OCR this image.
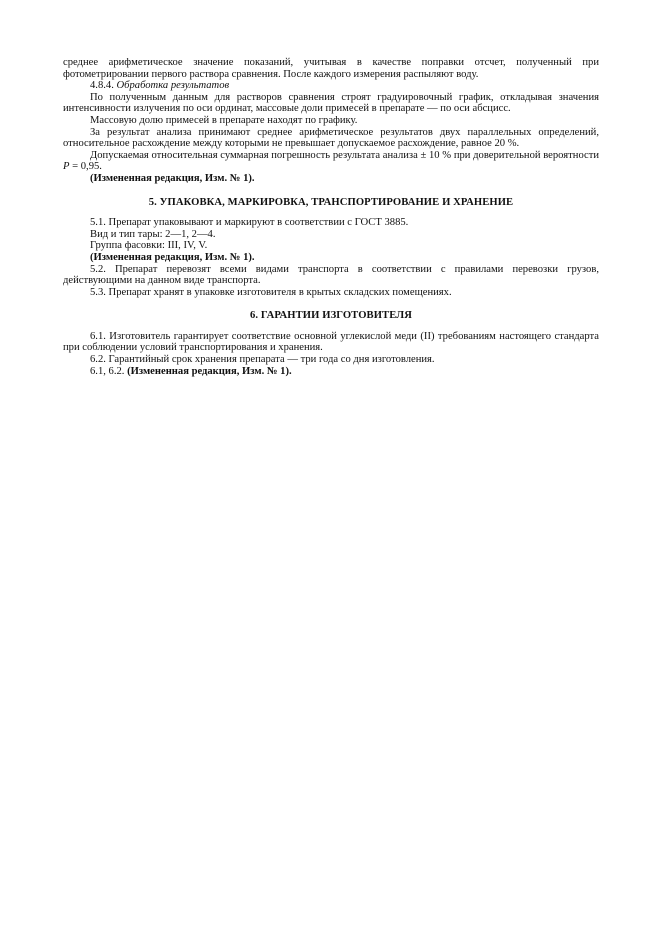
среднее арифметическое значение показаний, учитывая в качестве поправки отсчет, полученный при фотометрировании первого раствора сравнения. После каждого измерения распыляют воду.

4.8.4. Обработка результатов

По полученным данным для растворов сравнения строят градуировочный график, откладывая значения интенсивности излучения по оси ординат, массовые доли примесей в препарате — по оси абсцисс.

Массовую долю примесей в препарате находят по графику.

За результат анализа принимают среднее арифметическое результатов двух параллельных определений, относительное расхождение между которыми не превышает допускаемое расхождение, равное 20 %.

Допускаемая относительная суммарная погрешность результата анализа ± 10 % при доверительной вероятности P = 0,95.

(Измененная редакция, Изм. № 1).

5. УПАКОВКА, МАРКИРОВКА, ТРАНСПОРТИРОВАНИЕ И ХРАНЕНИЕ

5.1. Препарат упаковывают и маркируют в соответствии с ГОСТ 3885.

Вид и тип тары: 2—1, 2—4.

Группа фасовки: III, IV, V.

(Измененная редакция, Изм. № 1).

5.2. Препарат перевозят всеми видами транспорта в соответствии с правилами перевозки грузов, действующими на данном виде транспорта.

5.3. Препарат хранят в упаковке изготовителя в крытых складских помещениях.

6. ГАРАНТИИ ИЗГОТОВИТЕЛЯ

6.1. Изготовитель гарантирует соответствие основной углекислой меди (II) требованиям настоящего стандарта при соблюдении условий транспортирования и хранения.

6.2. Гарантийный срок хранения препарата — три года со дня изготовления.

6.1, 6.2. (Измененная редакция, Изм. № 1).
